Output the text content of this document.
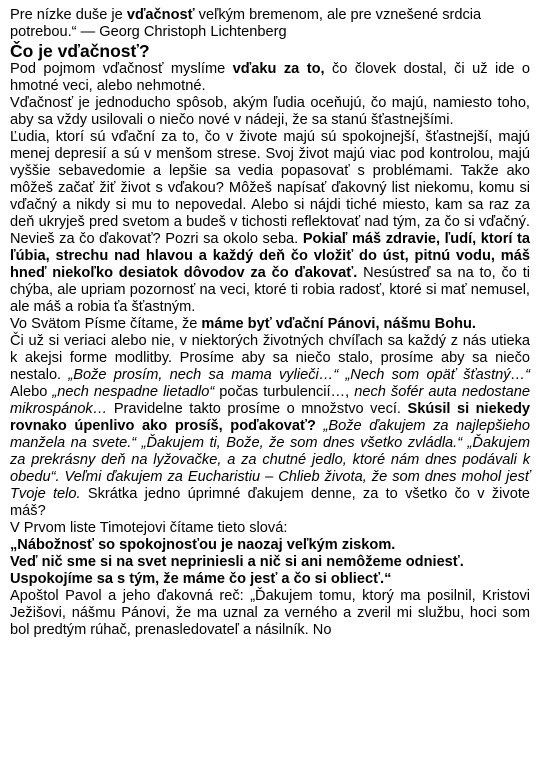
Pre nízke duše je vďačnosť veľkým bremenom, ale pre vznešené srdcia potrebou.“ — Georg Christoph Lichtenberg

Čo je vďačnosť?

Pod pojmom vďačnosť myslíme vďaku za to, čo človek dostal, či už ide o hmotné veci, alebo nehmotné.

Vďačnosť je jednoducho spôsob, akým ľudia oceňujú, čo majú, namiesto toho, aby sa vždy usilovali o niečo nové v nádeji, že sa stanú šťastnejšími.

Ľudia, ktorí sú vďační za to, čo v živote majú sú spokojnejší, šťastnejší, majú menej depresií a sú v menšom strese. Svoj život majú viac pod kontrolou, majú vyššie sebavedomie a lepšie sa vedia popasovať s problémami. Takže ako môžeš začať žiť život s vďakou? Môžeš napísať ďakovný list niekomu, komu si vďačný a nikdy si mu to nepovedal. Alebo si nájdi tiché miesto, kam sa raz za deň ukryješ pred svetom a budeš v tichosti reflektovať nad tým, za čo si vďačný. Nevieš za čo ďakovať? Pozri sa okolo seba. Pokiaľ máš zdravie, ľudí, ktorí ta ľúbia, strechu nad hlavou a každý deň čo vložiť do úst, pitnú vodu, máš hneď niekoľko desiatok dôvodov za čo ďakovať. Nesústreď sa na to, čo ti chýba, ale upriam pozornosť na veci, ktoré ti robia radosť, ktoré si mať nemusel, ale máš a robia ťa šťastným.

Vo Svätom Písme čítame, že máme byť vďační Pánovi, nášmu Bohu.

Či už si veriaci alebo nie, v niektorých životných chvíľach sa každý z nás utieka k akejsi forme modlitby. Prosíme aby sa niečo stalo, prosíme aby sa niečo nestalo. „Bože prosím, nech sa mama vylieči…“ „Nech som opäť šťastný…“ Alebo „nech nespadne lietadlo“ počas turbulencií…, nech šofér auta nedostane mikrospánok… Pravidelne takto prosíme o množstvo vecí. Skúsil si niekedy rovnako úpenlivo ako prosíš, poďakovať? „Bože ďakujem za najlepšieho manžela na svete.“ „Ďakujem ti, Bože, že som dnes všetko zvládla.“ „Ďakujem za prekrásny deň na lyžovačke, a za chutné jedlo, ktoré nám dnes podávali k obedu“. Veľmi ďakujem za Eucharistiu – Chlieb života, že som dnes mohol jesť Tvoje telo. Skrátka jedno úprimné ďakujem denne, za to všetko čo v živote máš?

V Prvom liste Timotejovi čítame tieto slová:

„Nábožnosť so spokojnosťou je naozaj veľkým ziskom.

Veď nič sme si na svet nepriniesli a nič si ani nemôžeme odniesť.

Uspokojíme sa s tým, že máme čo jesť a čo si obliecť.“

Apoštol Pavol a jeho ďakovná reč: „Ďakujem tomu, ktorý ma posilnil, Kristovi Ježišovi, nášmu Pánovi, že ma uznal za verného a zveril mi službu, hoci som bol predtým rúhač, prenasledovateľ a násilník. No
